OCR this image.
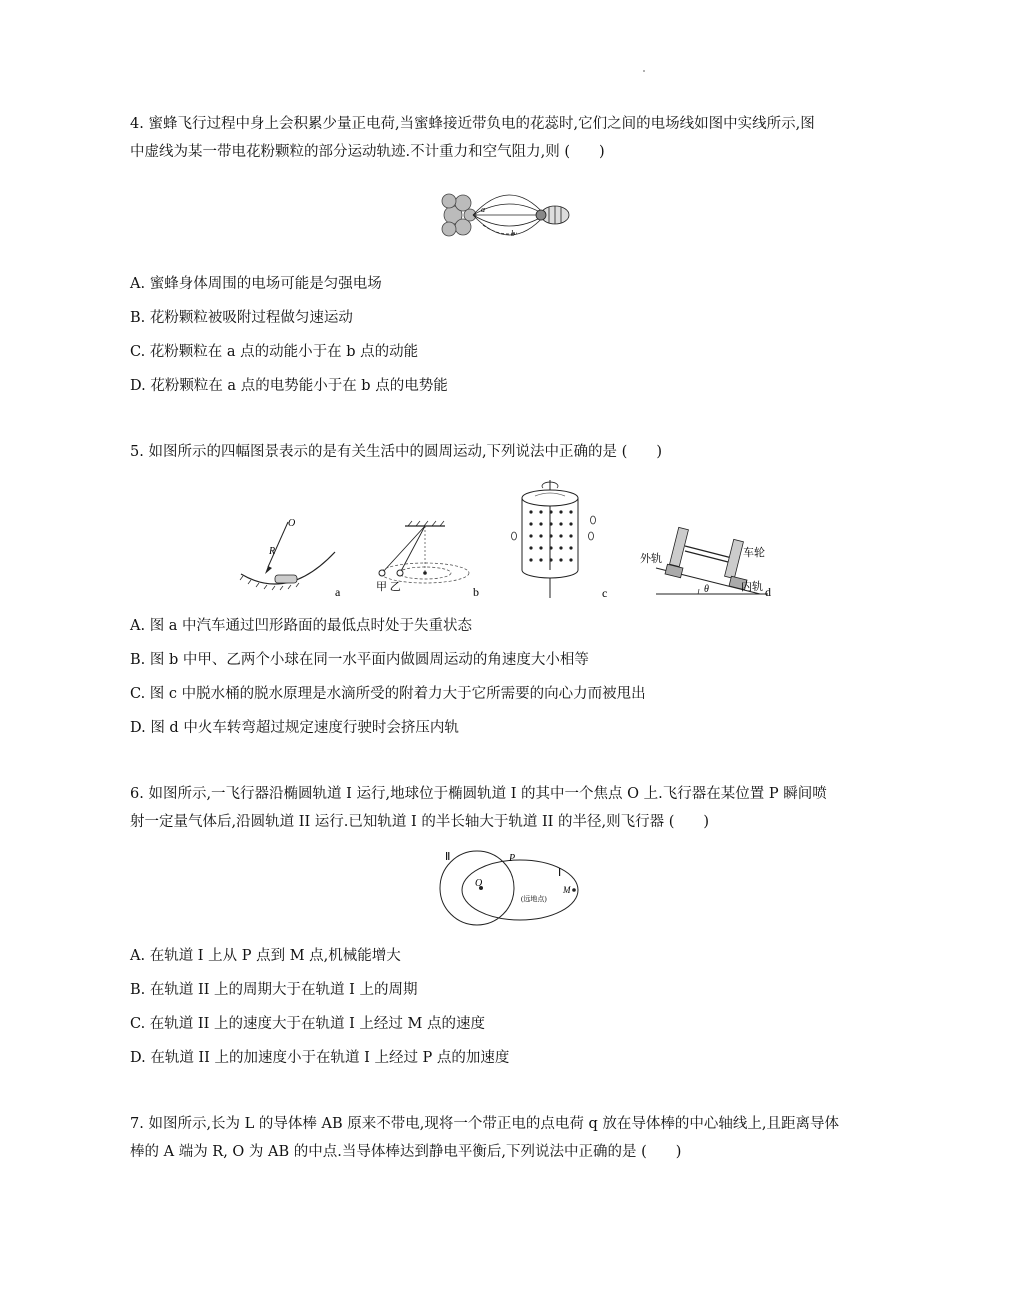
4. 蜜蜂飞行过程中身上会积累少量正电荷,当蜜蜂接近带负电的花蕊时,它们之间的电场线如图中实线所示,图

中虚线为某一带电花粉颗粒的部分运动轨迹.不计重力和空气阻力,则 (　　)

a
b
A. 蜜蜂身体周围的电场可能是匀强电场
B. 花粉颗粒被吸附过程做匀速运动
C. 花粉颗粒在 a 点的动能小于在 b 点的动能
D. 花粉颗粒在 a 点的电势能小于在 b 点的电势能

5. 如图所示的四幅图景表示的是有关生活中的圆周运动,下列说法中正确的是 (　　)

O
R
a	甲 乙	b	c	θ
外轨	车轮
内轨 d
A. 图 a 中汽车通过凹形路面的最低点时处于失重状态
B. 图 b 中甲、乙两个小球在同一水平面内做圆周运动的角速度大小相等
C. 图 c 中脱水桶的脱水原理是水滴所受的附着力大于它所需要的向心力而被甩出
D. 图 d 中火车转弯超过规定速度行驶时会挤压内轨

6. 如图所示,一飞行器沿椭圆轨道 I 运行,地球位于椭圆轨道 I 的其中一个焦点 O 上.飞行器在某位置 P 瞬间喷

射一定量气体后,沿圆轨道 II 运行.已知轨道 I 的半长轴大于轨道 II 的半径,则飞行器 (　　)

Ⅱ	P
Ⅰ
O
M
(远地点)
A. 在轨道 I 上从 P 点到 M 点,机械能增大
B. 在轨道 II 上的周期大于在轨道 I 上的周期
C. 在轨道 II 上的速度大于在轨道 I 上经过 M 点的速度
D. 在轨道 II 上的加速度小于在轨道 I 上经过 P 点的加速度

7. 如图所示,长为 L 的导体棒 AB 原来不带电,现将一个带正电的点电荷 q 放在导体棒的中心轴线上,且距离导体

棒的 A 端为 R, O 为 AB 的中点.当导体棒达到静电平衡后,下列说法中正确的是 (　　)
